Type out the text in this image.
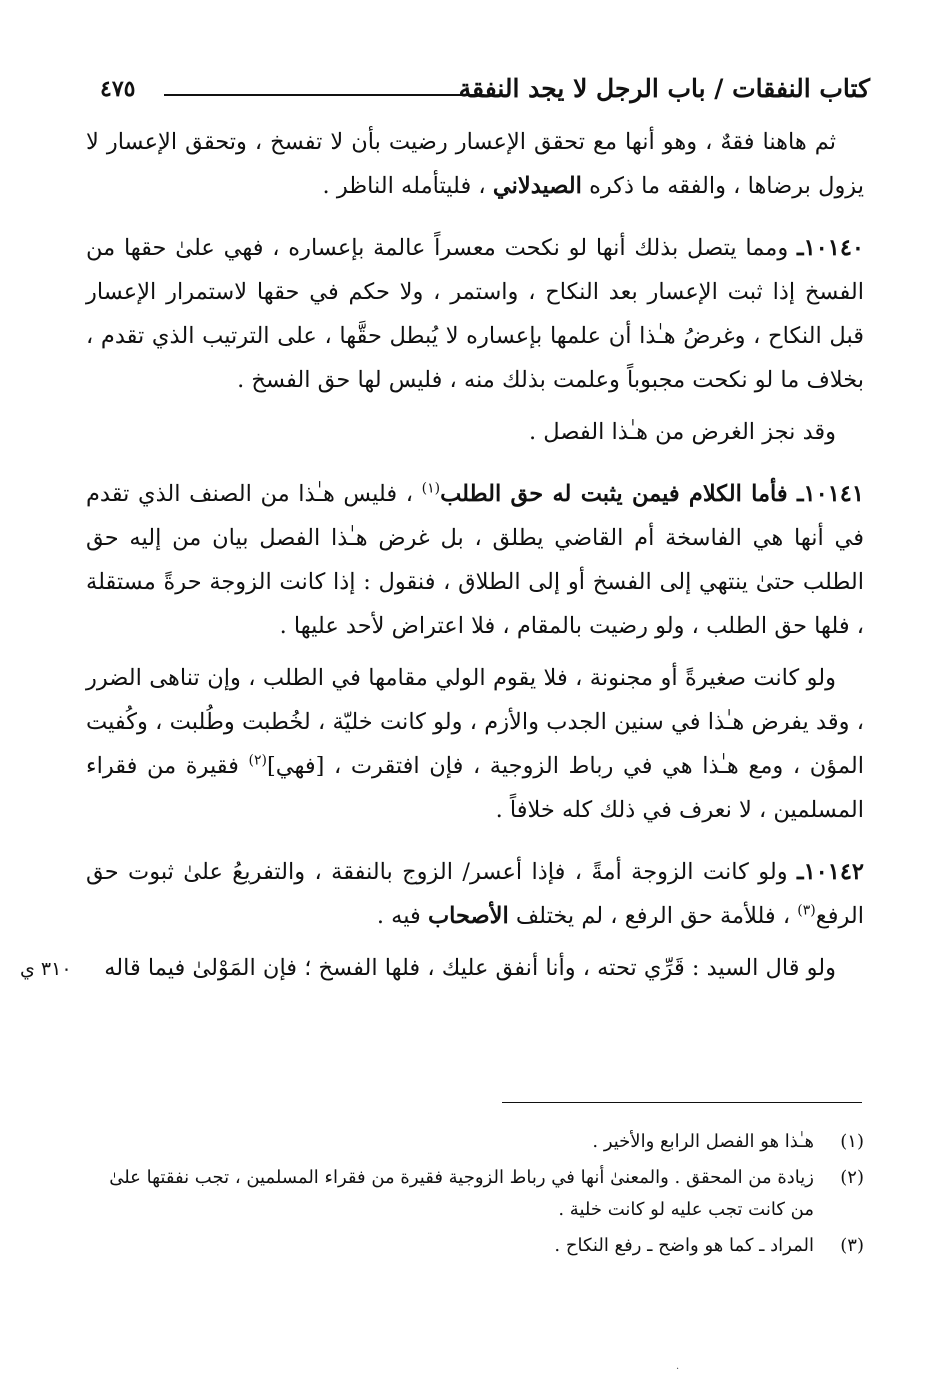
كتاب النفقات / باب الرجل لا يجد النفقة
٤٧٥

ثم هاهنا فقهٌ ، وهو أنها مع تحقق الإعسار رضيت بأن لا تفسخ ، وتحقق الإعسار لا يزول برضاها ، والفقه ما ذكره الصيدلاني ، فليتأمله الناظر .

١٠١٤٠ـ ومما يتصل بذلك أنها لو نكحت معسراً عالمة بإعساره ، فهي علىٰ حقها من الفسخ إذا ثبت الإعسار بعد النكاح ، واستمر ، ولا حكم في حقها لاستمرار الإعسار قبل النكاح ، وغرضُ هـٰذا أن علمها بإعساره لا يُبطل حقَّها ، على الترتيب الذي تقدم ، بخلاف ما لو نكحت مجبوباً وعلمت بذلك منه ، فليس لها حق الفسخ .

وقد نجز الغرض من هـٰذا الفصل .

١٠١٤١ـ فأما الكلام فيمن يثبت له حق الطلب$^{(١)}$ ، فليس هـٰذا من الصنف الذي تقدم في أنها هي الفاسخة أم القاضي يطلق ، بل غرض هـٰذا الفصل بيان من إليه حق الطلب حتىٰ ينتهي إلى الفسخ أو إلى الطلاق ، فنقول : إذا كانت الزوجة حرةً مستقلة ، فلها حق الطلب ، ولو رضيت بالمقام ، فلا اعتراض لأحد عليها .

ولو كانت صغيرةً أو مجنونة ، فلا يقوم الولي مقامها في الطلب ، وإن تناهى الضرر ، وقد يفرض هـٰذا في سنين الجدب والأزم ، ولو كانت خليّة ، لخُطبت وطُلبت ، وكُفيت المؤن ، ومع هـٰذا هي في رباط الزوجية ، فإن افتقرت ، [فهي]$^{(٢)}$ فقيرة من فقراء المسلمين ، لا نعرف في ذلك كله خلافاً .

١٠١٤٢ـ ولو كانت الزوجة أمةً ، فإذا أعسر/ الزوج بالنفقة ، والتفريعُ علىٰ ثبوت حق الرفع$^{(٣)}$ ، فللأمة حق الرفع ، لم يختلف الأصحاب فيه .

ولو قال السيد : قَرِّي تحته ، وأنا أنفق عليك ، فلها الفسخ ؛ فإن المَوْلىٰ فيما قاله

٣١٠ ي

(١)
هـٰذا هو الفصل الرابع والأخير .

(٢)
زيادة من المحقق . والمعنىٰ أنها في رباط الزوجية فقيرة من فقراء المسلمين ، تجب نفقتها علىٰ من كانت تجب عليه لو كانت خلية .

(٣)
المراد ـ كما هو واضح ـ رفع النكاح .

·
